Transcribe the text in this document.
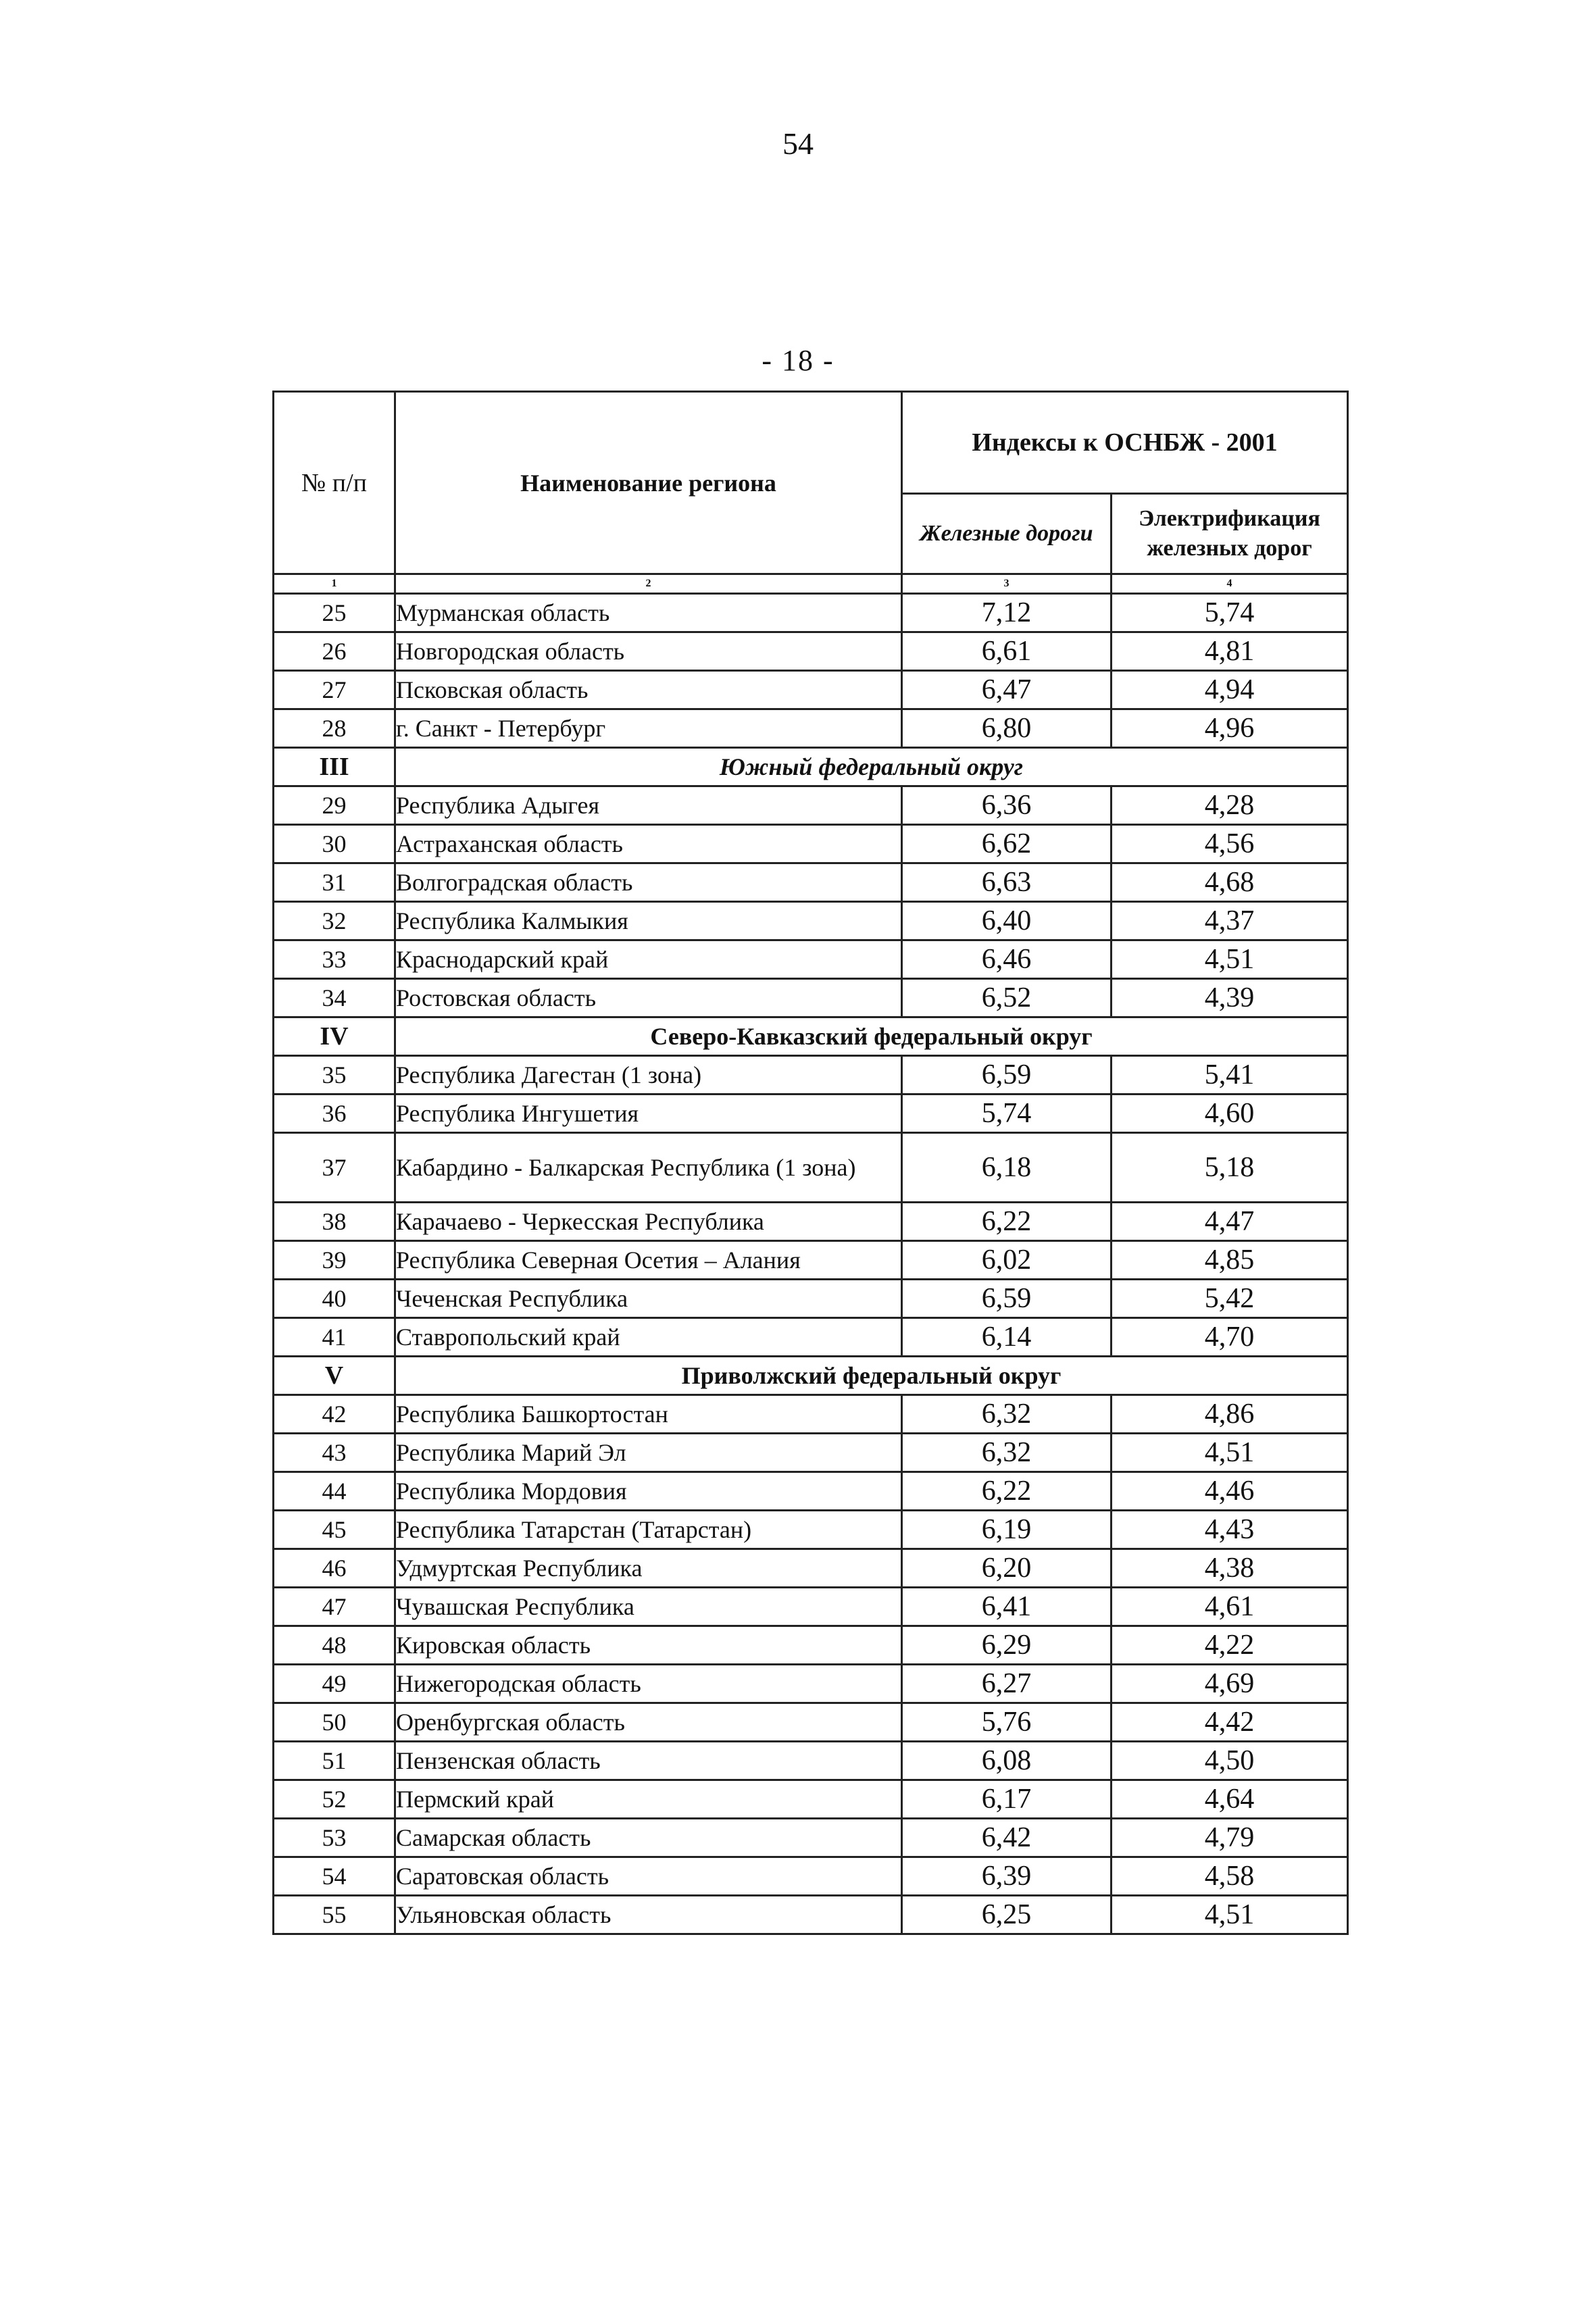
54
- 18 -
№ п/п	Наименование региона	Индексы к ОСНБЖ - 2001	
		Железные дороги	Электрификация железных дорог
1	2	3	4
25	Мурманская область	7,12	5,74
26	Новгородская область	6,61	4,81
27	Псковская область	6,47	4,94
28	г. Санкт - Петербург	6,80	4,96
III	Южный федеральный округ		
29	Республика Адыгея	6,36	4,28
30	Астраханская область	6,62	4,56
31	Волгоградская область	6,63	4,68
32	Республика Калмыкия	6,40	4,37
33	Краснодарский край	6,46	4,51
34	Ростовская область	6,52	4,39
IV	Северо-Кавказский федеральный округ		
35	Республика Дагестан (1 зона)	6,59	5,41
36	Республика Ингушетия	5,74	4,60
37	Кабардино - Балкарская Республика (1 зона)	6,18	5,18
38	Карачаево - Черкесская Республика	6,22	4,47
39	Республика Северная Осетия – Алания	6,02	4,85
40	Чеченская Республика	6,59	5,42
41	Ставропольский край	6,14	4,70
V	Приволжский федеральный округ		
42	Республика Башкортостан	6,32	4,86
43	Республика Марий Эл	6,32	4,51
44	Республика Мордовия	6,22	4,46
45	Республика Татарстан (Татарстан)	6,19	4,43
46	Удмуртская Республика	6,20	4,38
47	Чувашская Республика	6,41	4,61
48	Кировская область	6,29	4,22
49	Нижегородская область	6,27	4,69
50	Оренбургская область	5,76	4,42
51	Пензенская область	6,08	4,50
52	Пермский край	6,17	4,64
53	Самарская область	6,42	4,79
54	Саратовская область	6,39	4,58
55	Ульяновская область	6,25	4,51
